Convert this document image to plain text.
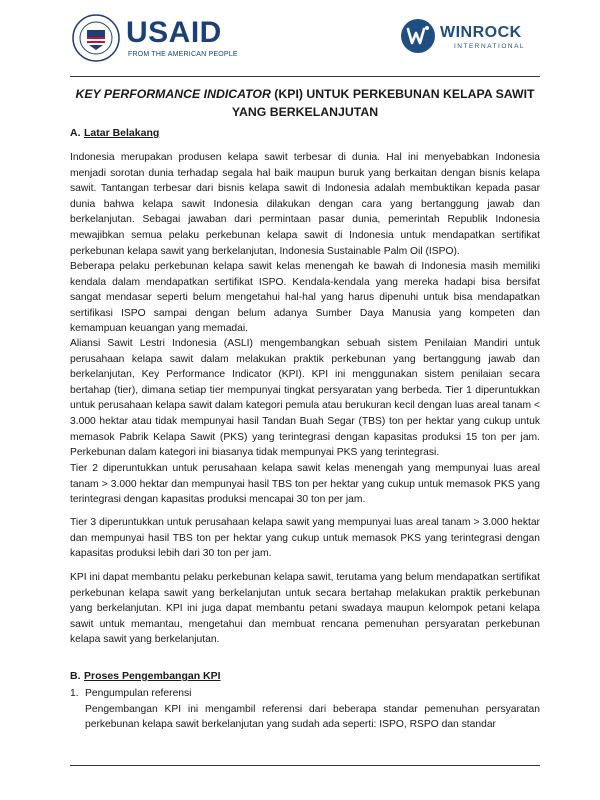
USAID
FROM THE AMERICAN PEOPLE
WINROCK
INTERNATIONAL
KEY PERFORMANCE INDICATOR (KPI) UNTUK PERKEBUNAN KELAPA SAWIT
YANG BERKELANJUTAN
A. Latar Belakang

Indonesia merupakan produsen kelapa sawit terbesar di dunia. Hal ini menyebabkan Indonesia menjadi sorotan dunia terhadap segala hal baik maupun buruk yang berkaitan dengan bisnis kelapa sawit. Tantangan terbesar dari bisnis kelapa sawit di Indonesia adalah membuktikan kepada pasar dunia bahwa kelapa sawit Indonesia dilakukan dengan cara yang bertanggung jawab dan berkelanjutan. Sebagai jawaban dari permintaan pasar dunia, pemerintah Republik Indonesia mewajibkan semua pelaku perkebunan kelapa sawit di Indonesia untuk mendapatkan sertifikat perkebunan kelapa sawit yang berkelanjutan, Indonesia Sustainable Palm Oil (ISPO).

Beberapa pelaku perkebunan kelapa sawit kelas menengah ke bawah di Indonesia masih memiliki kendala dalam mendapatkan sertifikat ISPO. Kendala-kendala yang mereka hadapi bisa bersifat sangat mendasar seperti belum mengetahui hal-hal yang harus dipenuhi untuk bisa mendapatkan sertifikasi ISPO sampai dengan belum adanya Sumber Daya Manusia yang kompeten dan kemampuan keuangan yang memadai.

Aliansi Sawit Lestri Indonesia (ASLI) mengembangkan sebuah sistem Penilaian Mandiri untuk perusahaan kelapa sawit dalam melakukan praktik perkebunan yang bertanggung jawab dan berkelanjutan, Key Performance Indicator (KPI). KPI ini menggunakan sistem penilaian secara bertahap (tier), dimana setiap tier mempunyai tingkat persyaratan yang berbeda. Tier 1 diperuntukkan untuk perusahaan kelapa sawit dalam kategori pemula atau berukuran kecil dengan luas areal tanam < 3.000 hektar atau tidak mempunyai hasil Tandan Buah Segar (TBS) ton per hektar yang cukup untuk memasok Pabrik Kelapa Sawit (PKS) yang terintegrasi dengan kapasitas produksi 15 ton per jam. Perkebunan dalam kategori ini biasanya tidak mempunyai PKS yang terintegrasi.

Tier 2 diperuntukkan untuk perusahaan kelapa sawit kelas menengah yang mempunyai luas areal tanam > 3.000 hektar dan mempunyai hasil TBS ton per hektar yang cukup untuk memasok PKS yang terintegrasi dengan kapasitas produksi mencapai 30 ton per jam.

Tier 3 diperuntukkan untuk perusahaan kelapa sawit yang mempunyai luas areal tanam > 3.000 hektar dan mempunyai hasil TBS ton per hektar yang cukup untuk memasok PKS yang terintegrasi dengan kapasitas produksi lebih dari 30 ton per jam.

KPI ini dapat membantu pelaku perkebunan kelapa sawit, terutama yang belum mendapatkan sertifikat perkebunan kelapa sawit yang berkelanjutan untuk secara bertahap melakukan praktik perkebunan yang berkelanjutan. KPI ini juga dapat membantu petani swadaya maupun kelompok petani kelapa sawit untuk memantau, mengetahui dan membuat rencana pemenuhan persyaratan perkebunan kelapa sawit yang berkelanjutan.

B. Proses Pengembangan KPI
1. Pengumpulan referensi

Pengembangan KPI ini mengambil referensi dari beberapa standar pemenuhan persyaratan perkebunan kelapa sawit berkelanjutan yang sudah ada seperti: ISPO, RSPO dan standar
